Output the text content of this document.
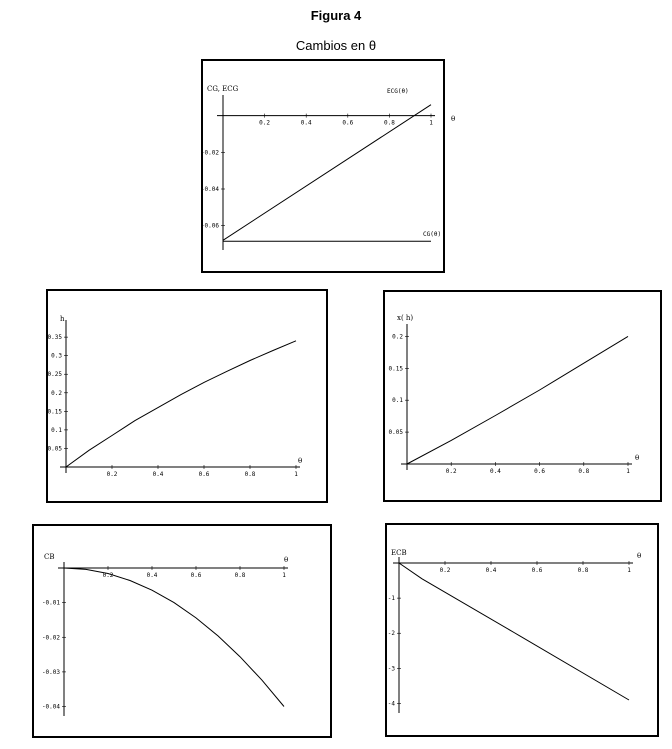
Figura 4
Cambios en θ
0.2	0.4	0.6	0.8	1
-0.02
-0.04
-0.06
CG, ECG
θ
ECG(θ)
CG(θ)
0.2	0.4	0.6	0.8	1
0.05
0.1
0.15
0.2
0.25
0.3
0.35
h
θ
0.2	0.4	0.6	0.8	1
0.05
0.1
0.15
0.2
x( h)
θ
0.2	0.4	0.6	0.8	1
-0.01
-0.02
-0.03
-0.04
CB	θ
0.2	0.4	0.6	0.8	1
-1
-2
-3
-4
ECB	θ
